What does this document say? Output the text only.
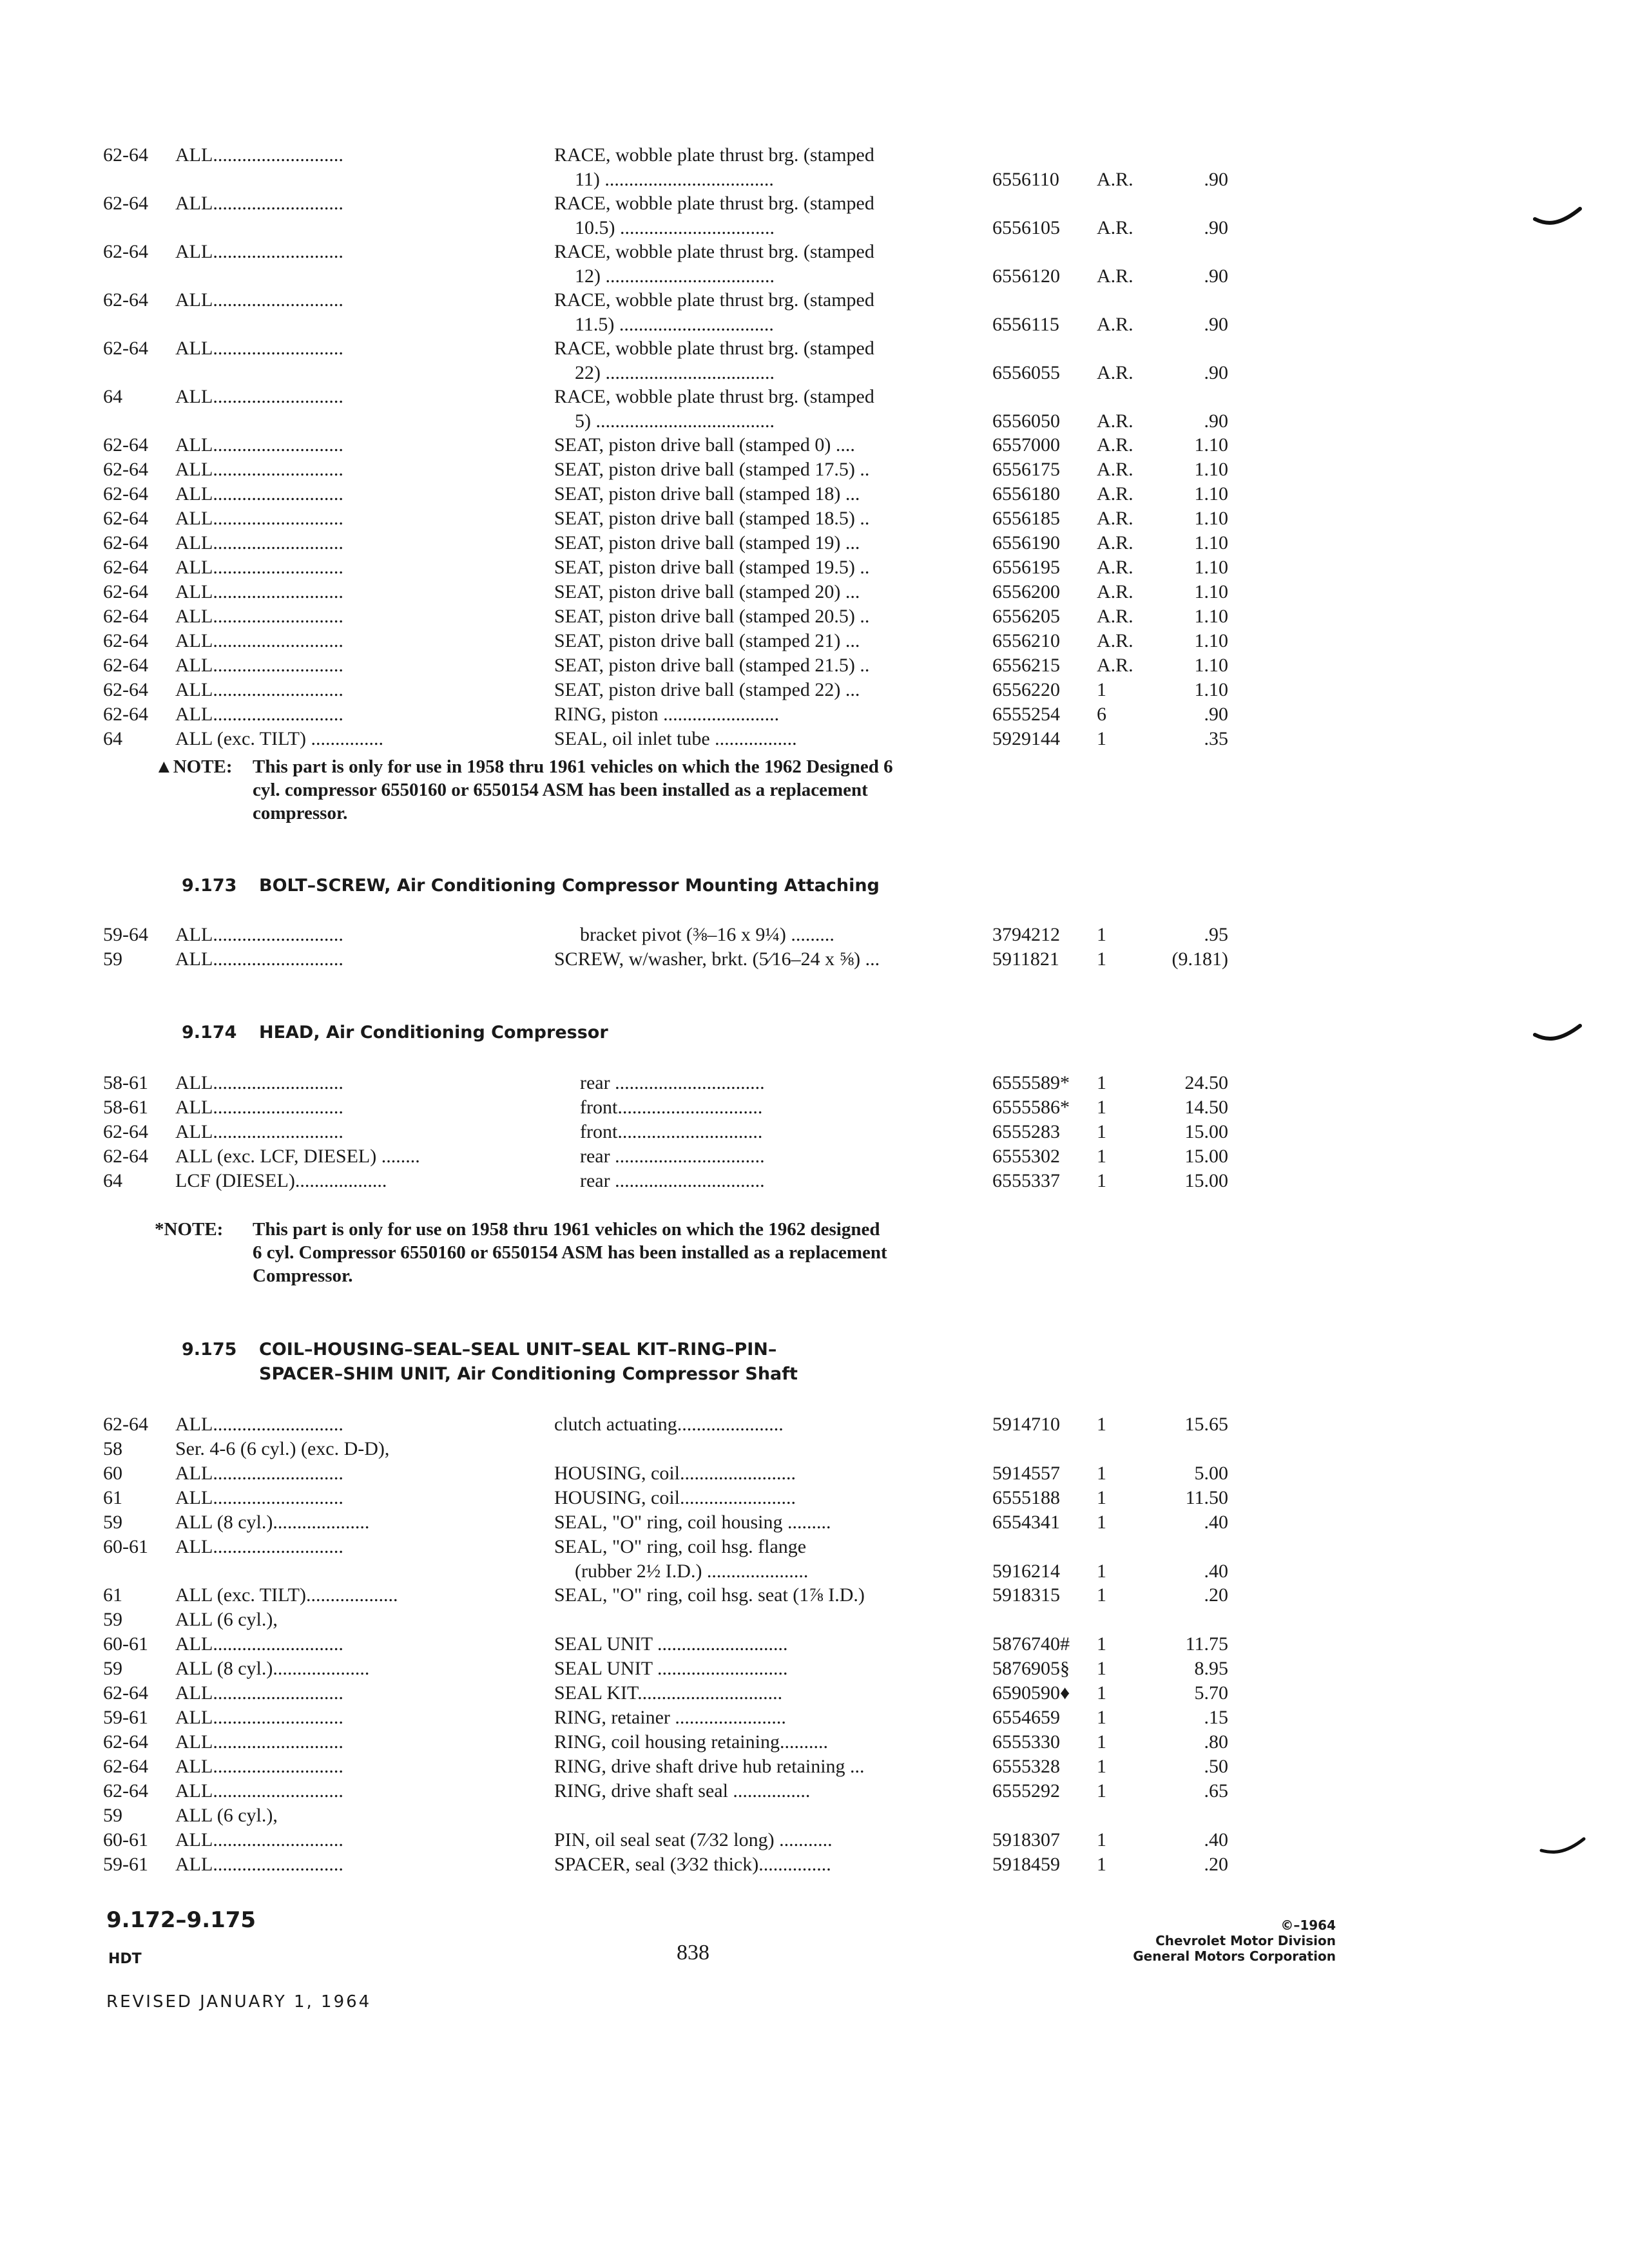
62-64 ALL...........................	RACE, wobble plate thrust brg. (stamped
11) ...................................	6556110 A.R.	.90
62-64 ALL...........................	RACE, wobble plate thrust brg. (stamped
10.5) ................................	6556105 A.R.	.90
62-64 ALL...........................	RACE, wobble plate thrust brg. (stamped
12) ...................................	6556120 A.R.	.90
62-64 ALL...........................	RACE, wobble plate thrust brg. (stamped
11.5) ................................	6556115 A.R.	.90
62-64 ALL...........................	RACE, wobble plate thrust brg. (stamped
22) ...................................	6556055 A.R.	.90
64	ALL...........................	RACE, wobble plate thrust brg. (stamped
5) .....................................	6556050 A.R.	.90
62-64 ALL...........................	SEAT, piston drive ball (stamped 0) ....	6557000 A.R.	1.10
62-64 ALL...........................	SEAT, piston drive ball (stamped 17.5) ..	6556175 A.R.	1.10
62-64 ALL...........................	SEAT, piston drive ball (stamped 18) ...	6556180 A.R.	1.10
62-64 ALL...........................	SEAT, piston drive ball (stamped 18.5) ..	6556185 A.R.	1.10
62-64 ALL...........................	SEAT, piston drive ball (stamped 19) ...	6556190 A.R.	1.10
62-64 ALL...........................	SEAT, piston drive ball (stamped 19.5) ..	6556195 A.R.	1.10
62-64 ALL...........................	SEAT, piston drive ball (stamped 20) ...	6556200 A.R.	1.10
62-64 ALL...........................	SEAT, piston drive ball (stamped 20.5) ..	6556205 A.R.	1.10
62-64 ALL...........................	SEAT, piston drive ball (stamped 21) ...	6556210 A.R.	1.10
62-64 ALL...........................	SEAT, piston drive ball (stamped 21.5) ..	6556215 A.R.	1.10
62-64 ALL...........................	SEAT, piston drive ball (stamped 22) ...	6556220 1	1.10
62-64 ALL...........................	RING, piston ........................	6555254 6	.90
64	ALL (exc. TILT) ...............	SEAL, oil inlet tube .................	5929144 1	.35
▲NOTE: This part is only for use in 1958 thru 1961 vehicles on which the 1962 Designed 6
cyl. compressor 6550160 or 6550154 ASM has been installed as a replacement
compressor.
9.173 BOLT–SCREW, Air Conditioning Compressor Mounting Attaching
59-64 ALL...........................	bracket pivot (⅜–16 x 9¼) .........	3794212 1	.95
59	ALL...........................	SCREW, w/washer, brkt. (5⁄16–24 x ⅝) ...	5911821 1	(9.181)
9.174 HEAD, Air Conditioning Compressor
58-61 ALL...........................	rear ...............................	6555589* 1	24.50
58-61 ALL...........................	front..............................	6555586* 1	14.50
62-64 ALL...........................	front..............................	6555283 1	15.00
62-64 ALL (exc. LCF, DIESEL) ........	rear ...............................	6555302 1	15.00
64	LCF (DIESEL)...................	rear ...............................	6555337 1	15.00
*NOTE: This part is only for use on 1958 thru 1961 vehicles on which the 1962 designed
6 cyl. Compressor 6550160 or 6550154 ASM has been installed as a replacement
Compressor.
9.175 COIL–HOUSING–SEAL–SEAL UNIT–SEAL KIT–RING–PIN–
SPACER–SHIM UNIT, Air Conditioning Compressor Shaft
62-64 ALL...........................	clutch actuating......................	5914710 1	15.65
58	Ser. 4-6 (6 cyl.) (exc. D-D),
60	ALL...........................	HOUSING, coil........................	5914557 1	5.00
61	ALL...........................	HOUSING, coil........................	6555188 1	11.50
59	ALL (8 cyl.)....................	SEAL, "O" ring, coil housing .........	6554341 1	.40
60-61 ALL...........................	SEAL, "O" ring, coil hsg. flange
(rubber 2½ I.D.) .....................	5916214 1	.40
61	ALL (exc. TILT)...................	SEAL, "O" ring, coil hsg. seat (1⅞ I.D.)	5918315 1	.20
59	ALL (6 cyl.),
60-61 ALL...........................	SEAL UNIT ...........................	5876740# 1	11.75
59	ALL (8 cyl.)....................	SEAL UNIT ...........................	5876905§ 1	8.95
62-64 ALL...........................	SEAL KIT..............................	6590590♦ 1	5.70
59-61 ALL...........................	RING, retainer .......................	6554659 1	.15
62-64 ALL...........................	RING, coil housing retaining..........	6555330 1	.80
62-64 ALL...........................	RING, drive shaft drive hub retaining ...	6555328 1	.50
62-64 ALL...........................	RING, drive shaft seal ................	6555292 1	.65
59	ALL (6 cyl.),
60-61 ALL...........................	PIN, oil seal seat (7⁄32 long) ...........	5918307 1	.40
59-61 ALL...........................	SPACER, seal (3⁄32 thick)...............	5918459 1	.20
9.172–9.175
HDT	838
©–1964
Chevrolet Motor Division
General Motors Corporation
REVISED JANUARY 1, 1964
